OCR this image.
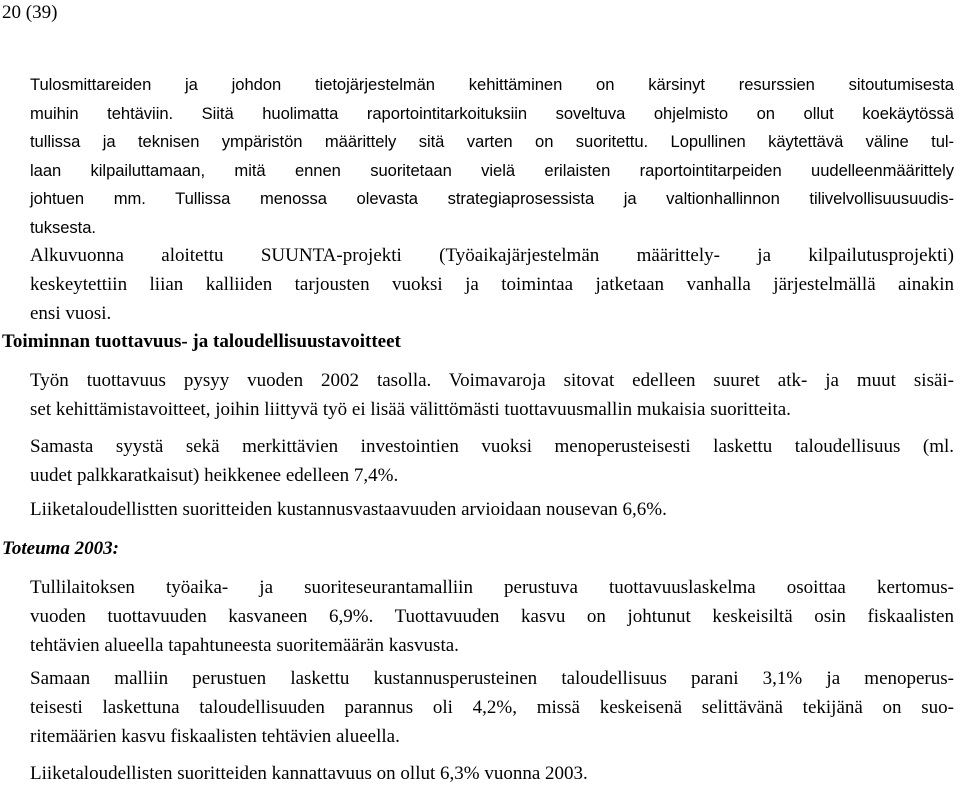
20 (39)
Tulosmittareiden ja johdon tietojärjestelmän kehittäminen on kärsinyt resurssien sitoutumisesta
muihin tehtäviin. Siitä huolimatta raportointitarkoituksiin soveltuva ohjelmisto on ollut koekäytössä
tullissa ja teknisen ympäristön määrittely sitä varten on suoritettu. Lopullinen käytettävä väline tul-
laan kilpailuttamaan, mitä ennen suoritetaan vielä erilaisten raportointitarpeiden uudelleenmäärittely
johtuen mm. Tullissa menossa olevasta strategiaprosessista ja valtionhallinnon tilivelvollisuusuudis-
tuksesta.
Alkuvuonna aloitettu SUUNTA-projekti (Työaikajärjestelmän määrittely- ja kilpailutusprojekti)
keskeytettiin liian kalliiden tarjousten vuoksi ja toimintaa jatketaan vanhalla järjestelmällä ainakin
ensi vuosi.
Toiminnan tuottavuus- ja taloudellisuustavoitteet
Työn tuottavuus pysyy vuoden 2002 tasolla. Voimavaroja sitovat edelleen suuret atk- ja muut sisäi-
set kehittämistavoitteet, joihin liittyvä työ ei lisää välittömästi tuottavuusmallin mukaisia suoritteita.
Samasta syystä sekä merkittävien investointien vuoksi menoperusteisesti laskettu taloudellisuus (ml.
uudet palkkaratkaisut) heikkenee edelleen 7,4%.
Liiketaloudellistten suoritteiden kustannusvastaavuuden arvioidaan nousevan 6,6%.
Toteuma 2003:
Tullilaitoksen työaika- ja suoriteseurantamalliin perustuva tuottavuuslaskelma osoittaa kertomus-
vuoden tuottavuuden kasvaneen 6,9%. Tuottavuuden kasvu on johtunut keskeisiltä osin fiskaalisten
tehtävien alueella tapahtuneesta suoritemäärän kasvusta.
Samaan malliin perustuen laskettu kustannusperusteinen taloudellisuus parani 3,1% ja menoperus-
teisesti laskettuna taloudellisuuden parannus oli 4,2%, missä keskeisenä selittävänä tekijänä on suo-
ritemäärien kasvu fiskaalisten tehtävien alueella.
Liiketaloudellisten suoritteiden kannattavuus on ollut 6,3% vuonna 2003.
